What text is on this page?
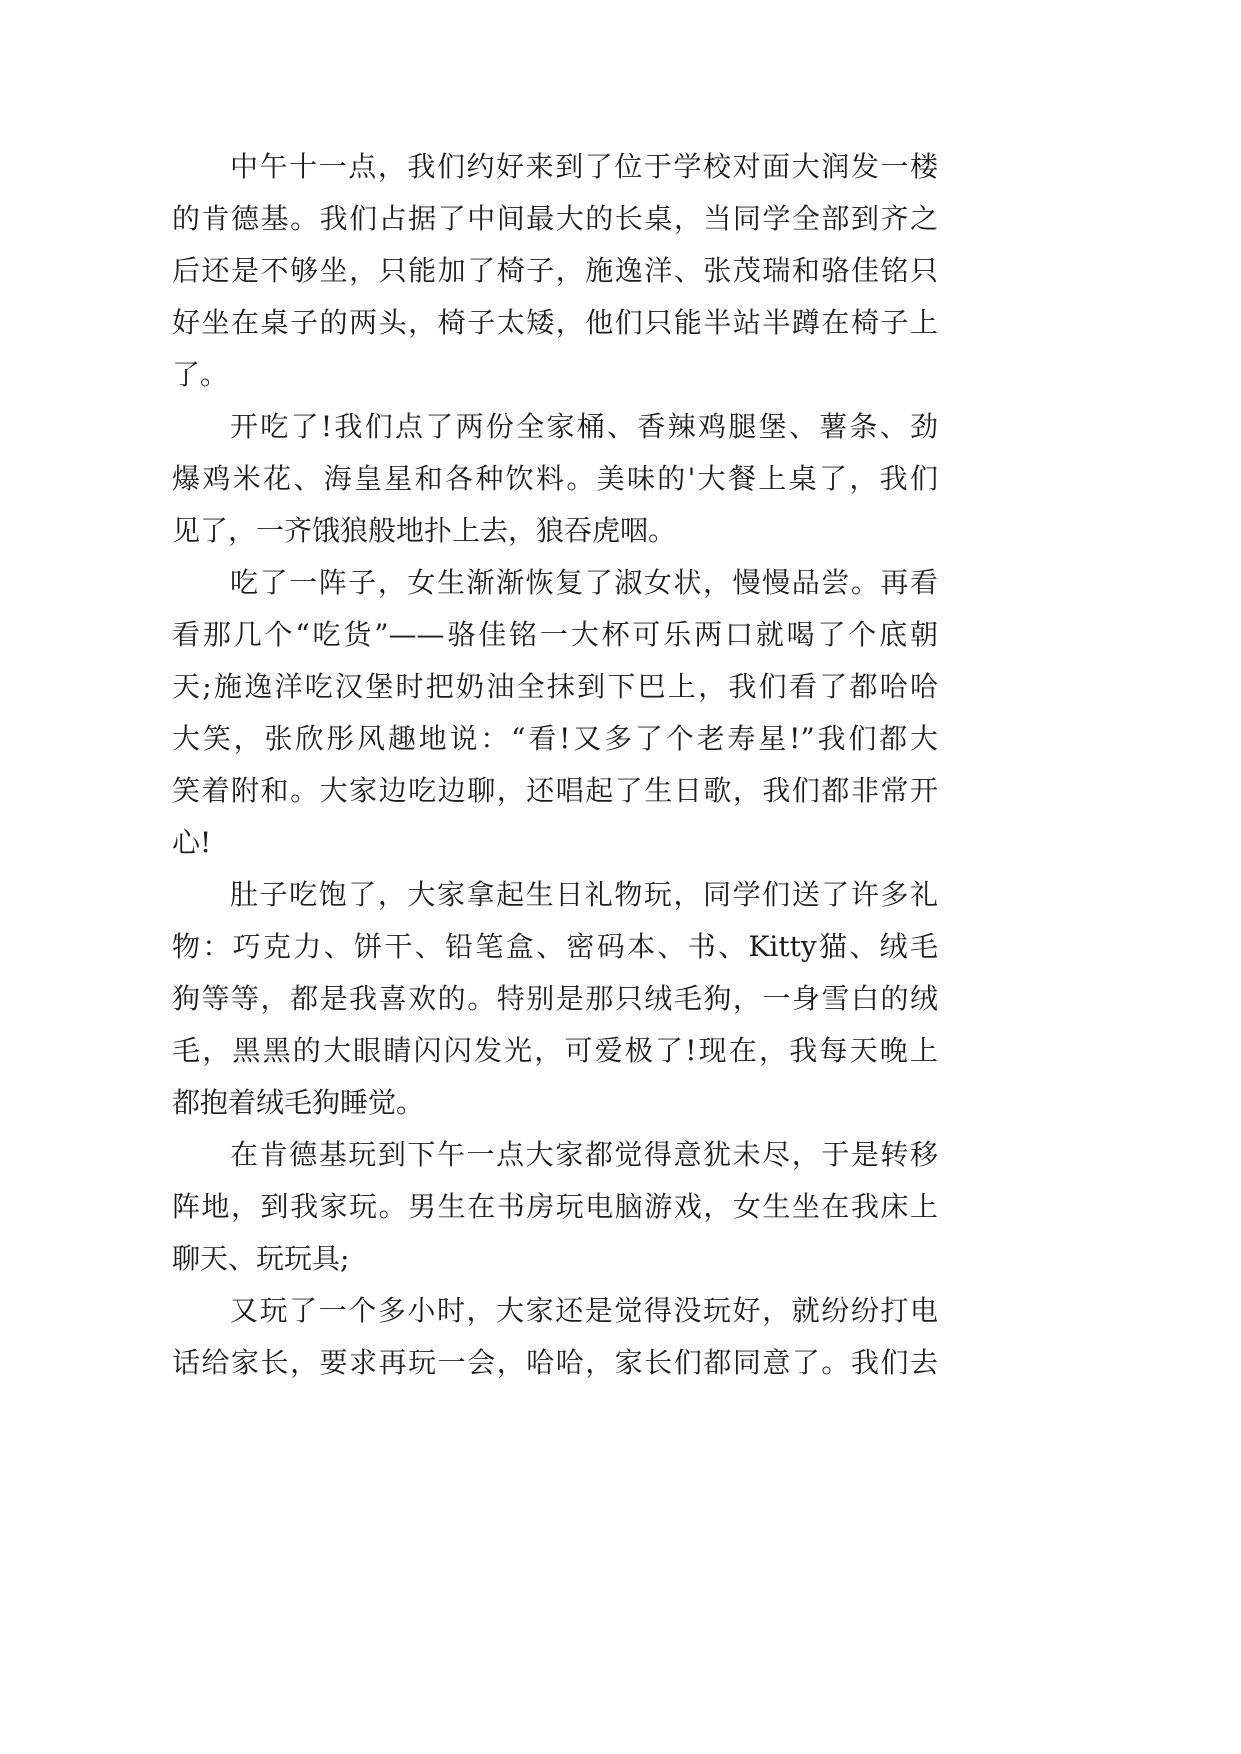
中午十一点，我们约好来到了位于学校对面大润发一楼
的肯德基。我们占据了中间最大的长桌，当同学全部到齐之
后还是不够坐，只能加了椅子，施逸洋、张茂瑞和骆佳铭只
好坐在桌子的两头，椅子太矮，他们只能半站半蹲在椅子上
了。
开吃了!我们点了两份全家桶、香辣鸡腿堡、薯条、劲
爆鸡米花、海皇星和各种饮料。美味的'大餐上桌了，我们
见了，一齐饿狼般地扑上去，狼吞虎咽。
吃了一阵子，女生渐渐恢复了淑女状，慢慢品尝。再看
看那几个“吃货”——骆佳铭一大杯可乐两口就喝了个底朝
天;施逸洋吃汉堡时把奶油全抹到下巴上，我们看了都哈哈
大笑，张欣彤风趣地说：“看!又多了个老寿星!”我们都大
笑着附和。大家边吃边聊，还唱起了生日歌，我们都非常开
心!
肚子吃饱了，大家拿起生日礼物玩，同学们送了许多礼
物：巧克力、饼干、铅笔盒、密码本、书、Kitty猫、绒毛
狗等等，都是我喜欢的。特别是那只绒毛狗，一身雪白的绒
毛，黑黑的大眼睛闪闪发光，可爱极了!现在，我每天晚上
都抱着绒毛狗睡觉。
在肯德基玩到下午一点大家都觉得意犹未尽，于是转移
阵地，到我家玩。男生在书房玩电脑游戏，女生坐在我床上
聊天、玩玩具;
又玩了一个多小时，大家还是觉得没玩好，就纷纷打电
话给家长，要求再玩一会，哈哈，家长们都同意了。我们去
